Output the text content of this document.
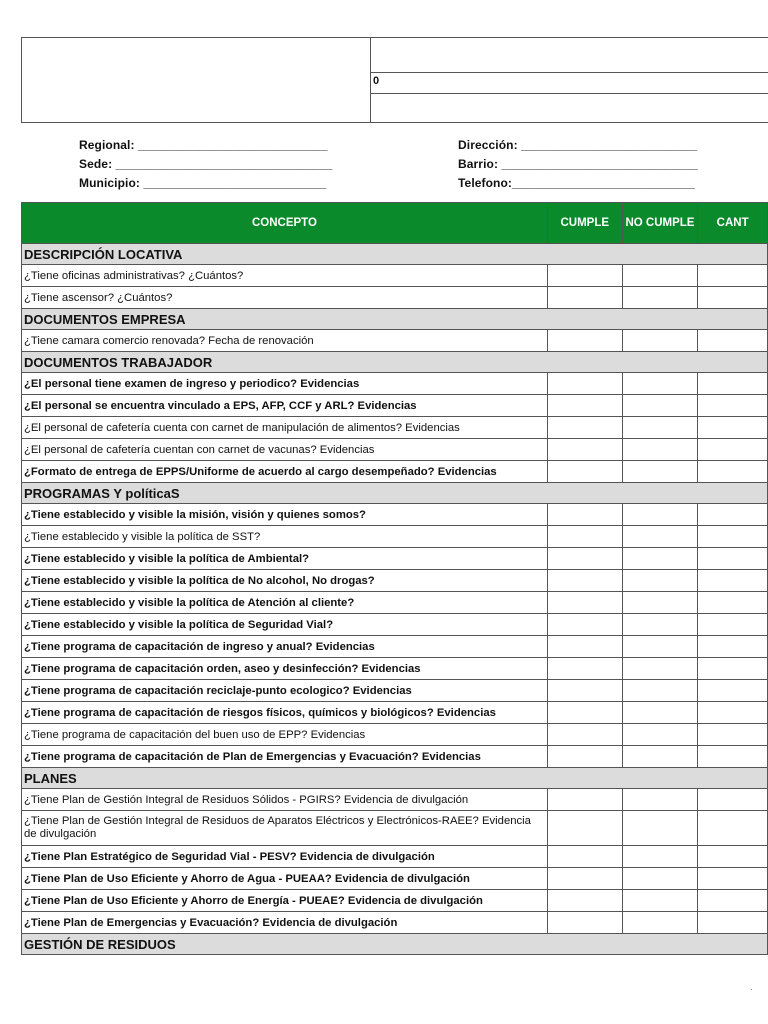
0
Regional: ____________________________
Sede: ________________________________
Municipio: ___________________________
Dirección: __________________________
Barrio: _____________________________
Telefono:___________________________
CONCEPTO	CUMPLE	NO CUMPLE	CANT
DESCRIPCIÓN LOCATIVA			
¿Tiene oficinas administrativas? ¿Cuántos?			
¿Tiene ascensor? ¿Cuántos?			
DOCUMENTOS EMPRESA			
¿Tiene camara comercio renovada? Fecha de renovación			
DOCUMENTOS TRABAJADOR			
¿El personal tiene examen de ingreso y periodico? Evidencias			
¿El personal se encuentra vinculado a EPS, AFP, CCF y ARL? Evidencias			
¿El personal de cafetería cuenta con carnet de manipulación de alimentos? Evidencias			
¿El personal de cafetería cuentan con carnet de vacunas? Evidencias			
¿Formato de entrega de EPPS/Uniforme de acuerdo al cargo desempeñado? Evidencias			
PROGRAMAS Y políticaS			
¿Tiene establecido y visible la misión, visión y quienes somos?			
¿Tiene establecido y visible la política de SST?			
¿Tiene establecido y visible la política de Ambiental?			
¿Tiene establecido y visible la política de No alcohol, No drogas?			
¿Tiene establecido y visible la política de Atención al cliente?			
¿Tiene establecido y visible la política de Seguridad Vial?			
¿Tiene programa de capacitación de ingreso y anual? Evidencias			
¿Tiene programa de capacitación orden, aseo y desinfección? Evidencias			
¿Tiene programa de capacitación reciclaje-punto ecologico? Evidencias			
¿Tiene programa de capacitación de riesgos físicos, químicos y biológicos? Evidencias			
¿Tiene programa de capacitación del buen uso de EPP? Evidencias			
¿Tiene programa de capacitación de Plan de Emergencias y Evacuación? Evidencias			
PLANES			
¿Tiene Plan de Gestión Integral de Residuos Sólidos - PGIRS? Evidencia de divulgación			
¿Tiene Plan de Gestión Integral de Residuos de Aparatos Eléctricos y Electrónicos-RAEE? Evidencia de divulgación			
¿Tiene Plan Estratégico de Seguridad Vial - PESV? Evidencia de divulgación			
¿Tiene Plan de Uso Eficiente y Ahorro de Agua - PUEAA? Evidencia de divulgación			
¿Tiene Plan de Uso Eficiente y Ahorro de Energía - PUEAE? Evidencia de divulgación			
¿Tiene Plan de Emergencias y Evacuación? Evidencia de divulgación			
GESTIÓN DE RESIDUOS			
·
